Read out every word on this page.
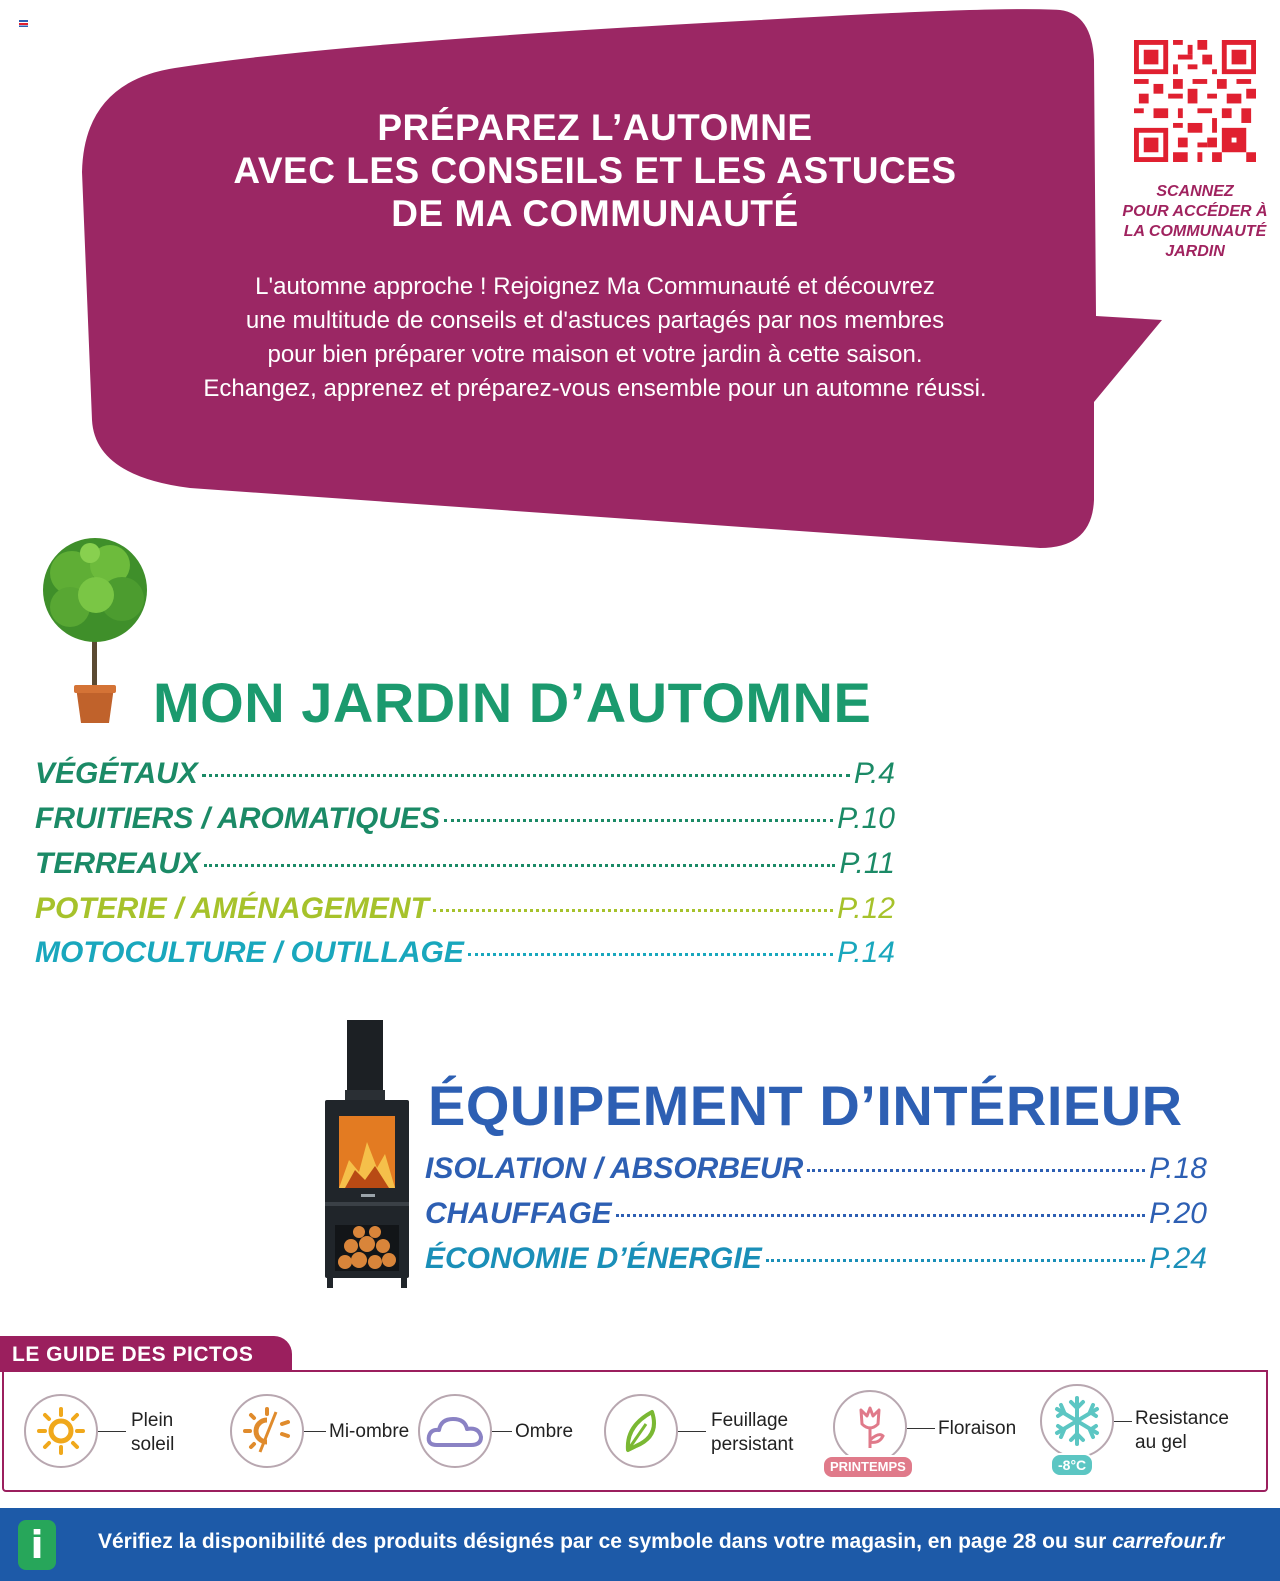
PRÉPAREZ L’AUTOMNE
AVEC LES CONSEILS ET LES ASTUCES
DE MA COMMUNAUTÉ
L'automne approche ! Rejoignez Ma Communauté et découvrez
une multitude de conseils et d'astuces partagés par nos membres
pour bien préparer votre maison et votre jardin à cette saison.
Echangez, apprenez et préparez-vous ensemble pour un automne réussi.
SCANNEZ
POUR ACCÉDER À
LA COMMUNAUTÉ
JARDIN
MON JARDIN D’AUTOMNE
VÉGÉTAUX	P.4
FRUITIERS / AROMATIQUES	P.10
TERREAUX	P.11
POTERIE / AMÉNAGEMENT	P.12
MOTOCULTURE / OUTILLAGE	P.14
ÉQUIPEMENT D’INTÉRIEUR
ISOLATION / ABSORBEUR	P.18
CHAUFFAGE	P.20
ÉCONOMIE D’ÉNERGIE	P.24
LE GUIDE DES PICTOS
Plein
soleil
Mi-ombre	Ombre
Feuillage
persistant
PRINTEMPS
Floraison
-8°C
Resistance
au gel
i	Vérifiez la disponibilité des produits désignés par ce symbole dans votre magasin, en page 28 ou sur carrefour.fr
